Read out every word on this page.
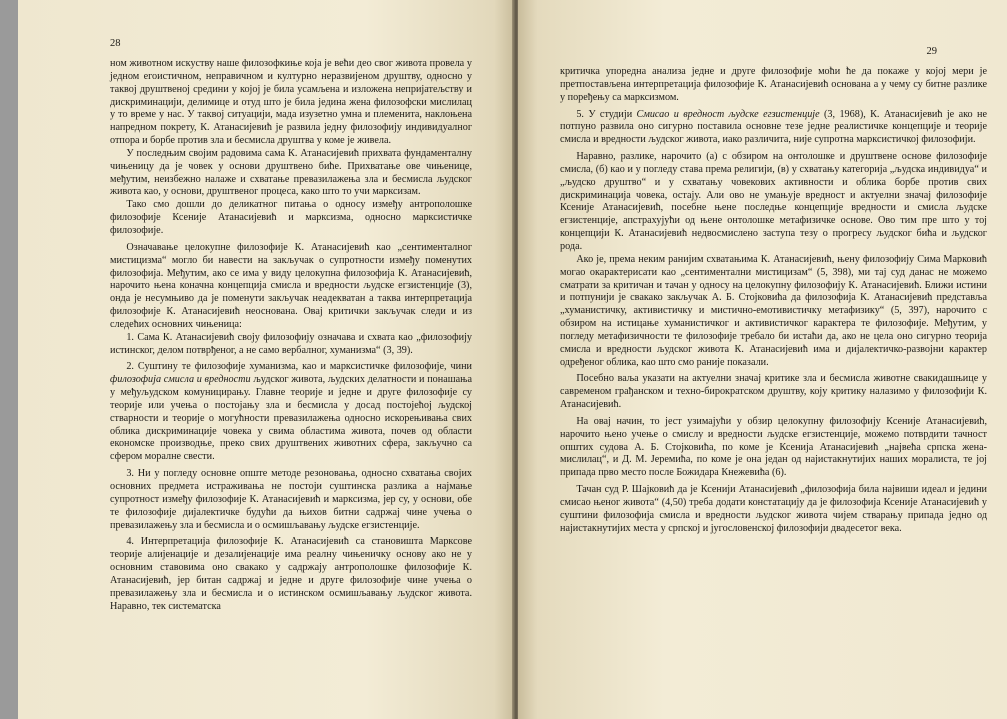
28

ном животном искуству наше филозофкиње која је већи део свог живота провела у једном егоистичном, неправичном и културно неразвијеном друштву, односно у таквој друштвеној средини у којој је била усамљена и изложена непријатељству и дискриминацији, делимице и отуд што је била једина жена филозофски мислилац у то време у нас. У таквој ситуацији, мада изузетно умна и племенита, наклоњена напредном покрету, К. Атанасијевић је развила једну филозофију индивидуалног отпора и борбе против зла и бесмисла друштва у коме је живела.

У последњим својим радовима сама К. Атанасијевић прихвата фундаменталну чињеницу да је човек у основи друштвено биће. Прихватање ове чињенице, међутим, неизбежно налаже и схватање превазилажења зла и бесмисла људског живота као, у основи, друштвеног процеса, како што то учи марксизам.

Тако смо дошли до деликатног питања о односу између антрополошке филозофије Ксеније Атанасијевић и марксизма, односно марксистичке филозофије.

Означавање целокупне филозофије К. Атанасијевић као „сентименталног мистицизма“ могло би навести на закључак о супротности између поменутих филозофија. Међутим, ако се има у виду целокупна филозофија К. Атанасијевић, нарочито њена коначна концепција смисла и вредности људске егзистенције (3), онда је несумњиво да је поменути закључак неадекватан а таква интерпретација филозофије К. Атанасијевић неоснована. Овај критички закључак следи и из следећих основних чињеница:

1. Сама К. Атанасијевић своју филозофију означава и схвата као „филозофију истинског, делом потврђеног, а не само вербалног, хуманизма“ (3, 39).

2. Суштину те филозофије хуманизма, као и марксистичке филозофије, чини филозофија смисла и вредности људског живота, људских делатности и понашања у међуљудском комуницирању. Главне теорије и једне и друге филозофије су теорије или учења о постојању зла и бесмисла у досад постојећој људској стварности и теорије о могућности превазилажења односно искорењивања свих облика дискриминације човека у свима областима живота, почев од области економске производње, преко свих друштвених животних сфера, закључно са сфером моралне свести.

3. Ни у погледу основне опште методе резоновања, односно схватања својих основних предмета истраживања не постоји суштинска разлика а најмање супротност између филозофије К. Атанасијевић и марксизма, јер су, у основи, обе те филозофије дијалектичке будући да њихов битни садржај чине учења о превазилажењу зла и бесмисла и о осмишљавању људске егзистенције.

4. Интерпретација филозофије К. Атанасијевић са становишта Марксове теорије алијенације и дезалијенације има реалну чињеничку основу ако не у основним ставовима оно свакако у садржају антрополошке филозофије К. Атанасијевић, јер битан садржај и једне и друге филозофије чине учења о превазилажењу зла и бесмисла и о истинском осмишљавању људског живота. Наравно, тек систематска

29

критичка упоредна анализа једне и друге филозофије моћи ће да покаже у којој мери је претпостављена интерпретација филозофије К. Атанасијевић основана а у чему су битне разлике у поређењу са марксизмом.

5. У студији Смисао и вредност људске егзистенције (3, 1968), К. Атанасијевић је ако не потпуно развила оно сигурно поставила основне тезе једне реалистичке концепције и теорије смисла и вредности људског живота, иако различита, није супротна марксистичкој филозофији.

Наравно, разлике, нарочито (а) с обзиром на онтолошке и друштвене основе филозофије смисла, (б) као и у погледу става према религији, (в) у схватању категорија „људска индивидуа“ и „људско друштво“ и у схватању човекових активности и облика борбе против свих дискриминација човека, остају. Али ово не умањује вредност и актуелни значај филозофије Ксеније Атанасијевић, посебне њене последње концепције вредности и смисла људске егзистенције, апстрахујући од њене онтолошке метафизичке основе. Ово тим пре што у тој концепцији К. Атанасијевић недвосмислено заступа тезу о прогресу људског бића и људског рода.

Ако је, према неким ранијим схватањима К. Атанасијевић, њену филозофију Сима Марковић могао окарактерисати као „сентиментални мистицизам“ (5, 398), ми тај суд данас не можемо сматрати за критичан и тачан у односу на целокупну филозофију К. Атанасијевић. Ближи истини и потпунији је свакако закључак А. Б. Стојковића да филозофија К. Атанасијевић представља „хуманистичку, активистичку и мистично-емотивистичку метафизику“ (5, 397), нарочито с обзиром на истицање хуманистичког и активистичког карактера те филозофије. Међутим, у погледу метафизичности те филозофије требало би истаћи да, ако не цела оно сигурно теорија смисла и вредности људског живота К. Атанасијевић има и дијалектичко-развојни карактер одређеног облика, као што смо раније показали.

Посебно ваља указати на актуелни значај критике зла и бесмисла животне свакидашњице у савременом грађанском и техно-бирократском друштву, коју критику налазимо у филозофији К. Атанасијевић.

На овај начин, то јест узимајући у обзир целокупну филозофију Ксеније Атанасијевић, нарочито њено учење о смислу и вредности људске егзистенције, можемо потврдити тачност општих судова А. Б. Стојковића, по коме је Ксенија Атанасијевић „највећа српска жена-мислилац“, и Д. М. Јеремића, по коме је она један од најистакнутијих наших моралиста, те јој припада прво место после Божидара Кнежевића (6).

Тачан суд Р. Шајковић да је Ксенији Атанасијевић „филозофија била највиши идеал и једини смисао њеног живота“ (4,50) треба додати констатацију да је филозофија Ксеније Атанасијевић у суштини филозофија смисла и вредности људског живота чијем стварању припада једно од најистакнутијих места у српској и југословенској филозофији двадесетог века.
